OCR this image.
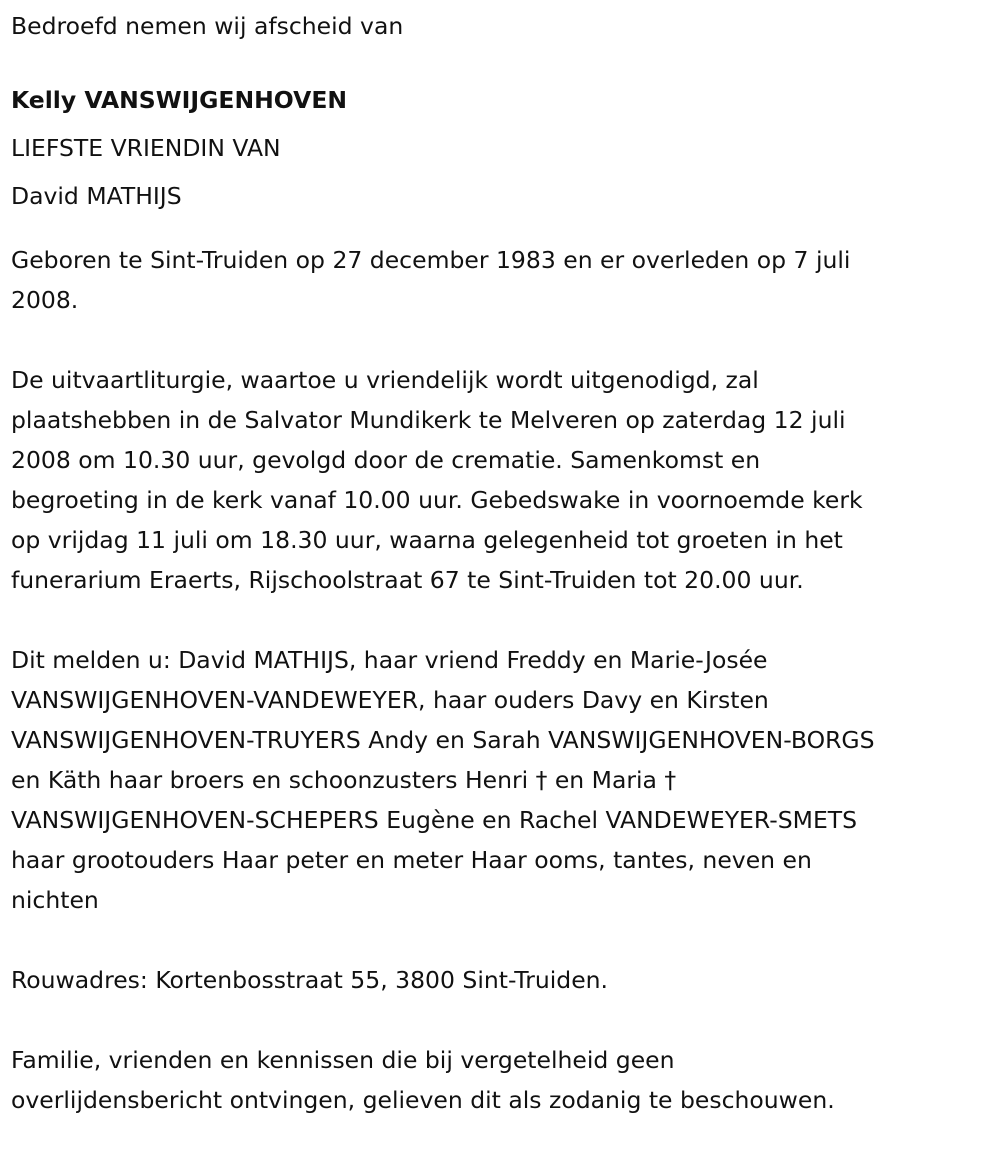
Bedroefd nemen wij afscheid van

Kelly VANSWIJGENHOVEN

LIEFSTE VRIENDIN VAN

David MATHIJS

Geboren te Sint-Truiden op 27 december 1983 en er overleden op 7 juli

2008.

De uitvaartliturgie, waartoe u vriendelijk wordt uitgenodigd, zal

plaatshebben in de Salvator Mundikerk te Melveren op zaterdag 12 juli

2008 om 10.30 uur, gevolgd door de crematie. Samenkomst en

begroeting in de kerk vanaf 10.00 uur. Gebedswake in voornoemde kerk

op vrijdag 11 juli om 18.30 uur, waarna gelegenheid tot groeten in het

funerarium Eraerts, Rijschoolstraat 67 te Sint-Truiden tot 20.00 uur.

Dit melden u: David MATHIJS, haar vriend Freddy en Marie-Josée

VANSWIJGENHOVEN-VANDEWEYER, haar ouders Davy en Kirsten

VANSWIJGENHOVEN-TRUYERS Andy en Sarah VANSWIJGENHOVEN-BORGS

en Käth haar broers en schoonzusters Henri † en Maria †

VANSWIJGENHOVEN-SCHEPERS Eugène en Rachel VANDEWEYER-SMETS

haar grootouders Haar peter en meter Haar ooms, tantes, neven en

nichten

Rouwadres: Kortenbosstraat 55, 3800 Sint-Truiden.

Familie, vrienden en kennissen die bij vergetelheid geen

overlijdensbericht ontvingen, gelieven dit als zodanig te beschouwen.
